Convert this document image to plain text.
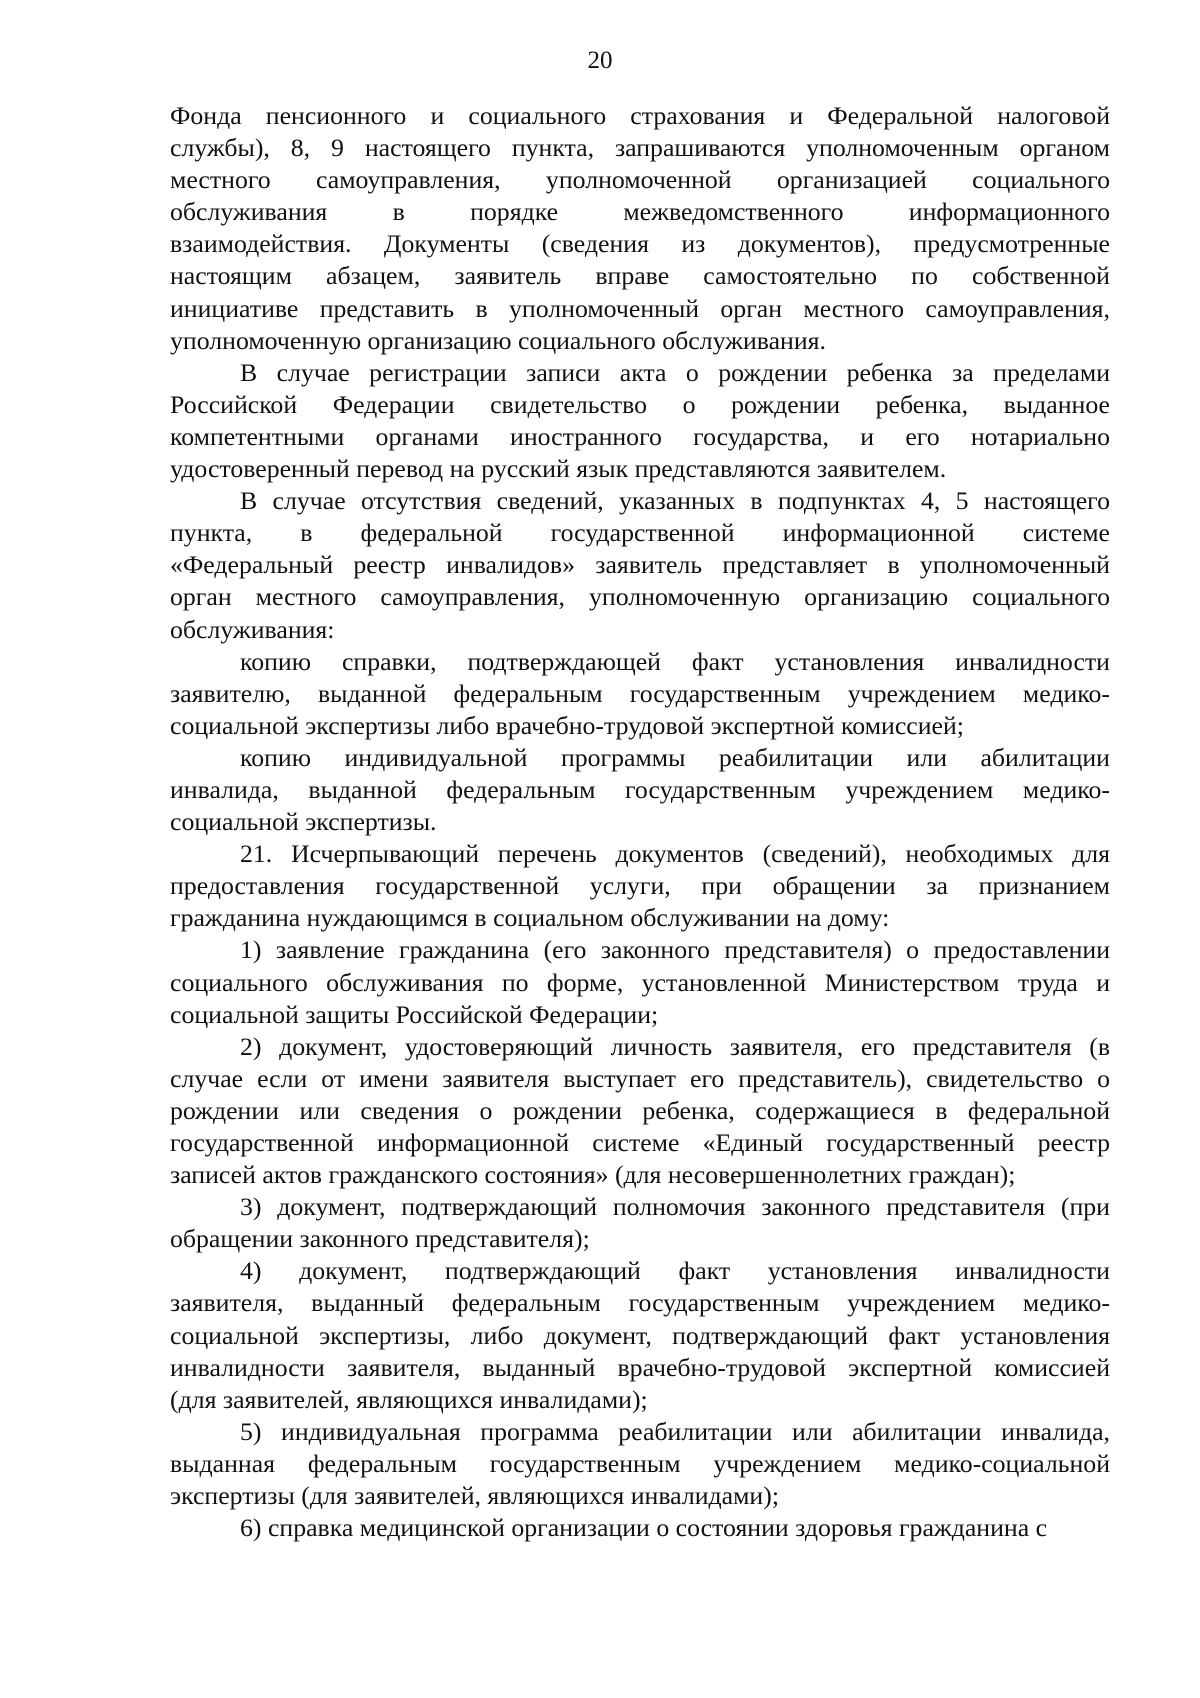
20
Фонда пенсионного и социального страхования и Федеральной налоговой
службы), 8, 9 настоящего пункта, запрашиваются уполномоченным органом
местного самоуправления, уполномоченной организацией социального
обслуживания в порядке межведомственного информационного
взаимодействия. Документы (сведения из документов), предусмотренные
настоящим абзацем, заявитель вправе самостоятельно по собственной
инициативе представить в уполномоченный орган местного самоуправления,
уполномоченную организацию социального обслуживания.
В случае регистрации записи акта о рождении ребенка за пределами
Российской Федерации свидетельство о рождении ребенка, выданное
компетентными органами иностранного государства, и его нотариально
удостоверенный перевод на русский язык представляются заявителем.
В случае отсутствия сведений, указанных в подпунктах 4, 5 настоящего
пункта, в федеральной государственной информационной системе
«Федеральный реестр инвалидов» заявитель представляет в уполномоченный
орган местного самоуправления, уполномоченную организацию социального
обслуживания:
копию справки, подтверждающей факт установления инвалидности
заявителю, выданной федеральным государственным учреждением медико-
социальной экспертизы либо врачебно-трудовой экспертной комиссией;
копию индивидуальной программы реабилитации или абилитации
инвалида, выданной федеральным государственным учреждением медико-
социальной экспертизы.
21. Исчерпывающий перечень документов (сведений), необходимых для
предоставления государственной услуги, при обращении за признанием
гражданина нуждающимся в социальном обслуживании на дому:
1) заявление гражданина (его законного представителя) о предоставлении
социального обслуживания по форме, установленной Министерством труда и
социальной защиты Российской Федерации;
2) документ, удостоверяющий личность заявителя, его представителя (в
случае если от имени заявителя выступает его представитель), свидетельство о
рождении или сведения о рождении ребенка, содержащиеся в федеральной
государственной информационной системе «Единый государственный реестр
записей актов гражданского состояния» (для несовершеннолетних граждан);
3) документ, подтверждающий полномочия законного представителя (при
обращении законного представителя);
4) документ, подтверждающий факт установления инвалидности
заявителя, выданный федеральным государственным учреждением медико-
социальной экспертизы, либо документ, подтверждающий факт установления
инвалидности заявителя, выданный врачебно-трудовой экспертной комиссией
(для заявителей, являющихся инвалидами);
5) индивидуальная программа реабилитации или абилитации инвалида,
выданная федеральным государственным учреждением медико-социальной
экспертизы (для заявителей, являющихся инвалидами);
6) справка медицинской организации о состоянии здоровья гражданина с
